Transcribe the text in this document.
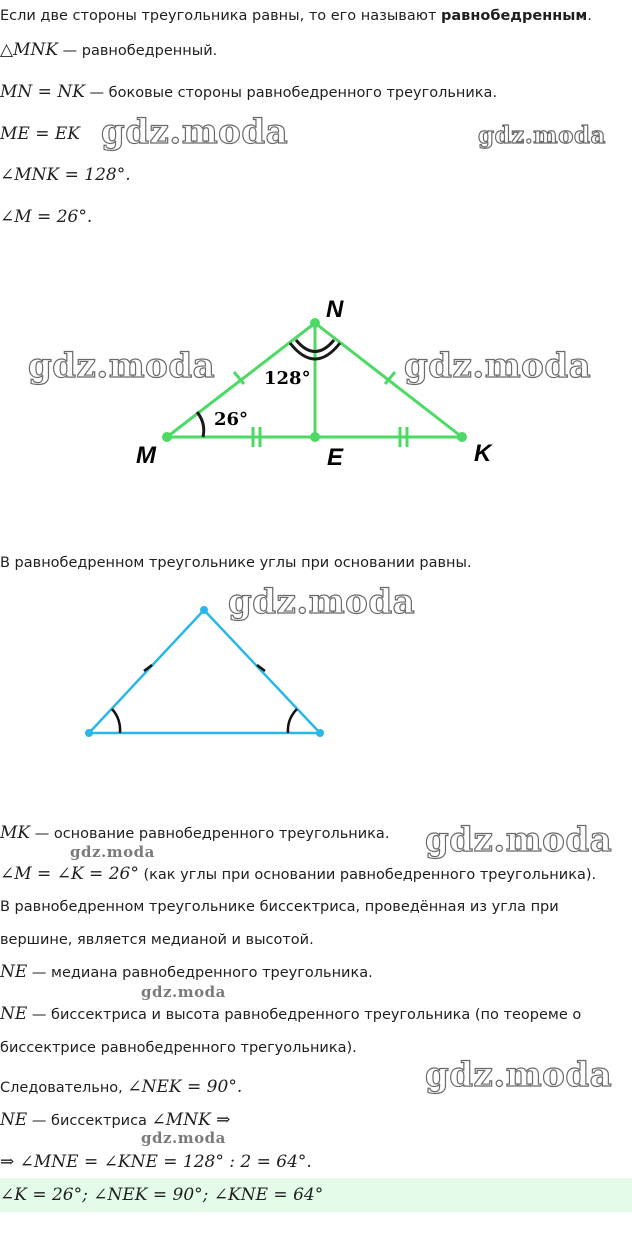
Если две стороны треугольника равны, то его называют равнобедренным.
△MNK — равнобедренный.
MN = NK — боковые стороны равнобедренного треугольника.
ME = EK
∠MNK = 128°.
∠M = 26°.
N
M	E	K
128°
26°
В равнобедренном треугольнике углы при основании равны.
MK — основание равнобедренного треугольника.
∠M = ∠K = 26° (как углы при основании равнобедренного треугольника).
В равнобедренном треугольнике биссектриса, проведённая из угла при
вершине, является медианой и высотой.
NE — медиана равнобедренного треугольника.
NE — биссектриса и высота равнобедренного треугольника (по теореме о
биссектрисе равнобедренного трегуольника).
Следовательно, ∠NEK = 90°.
NE — биссектриса ∠MNK ⇒
⇒ ∠MNE = ∠KNE = 128° : 2 = 64°.
∠K = 26°; ∠NEK = 90°; ∠KNE = 64°
gdz.moda	gdz.moda
gdz.moda	gdz.moda
gdz.moda
gdz.moda
gdz.moda
gdz.moda
gdz.moda
gdz.moda
